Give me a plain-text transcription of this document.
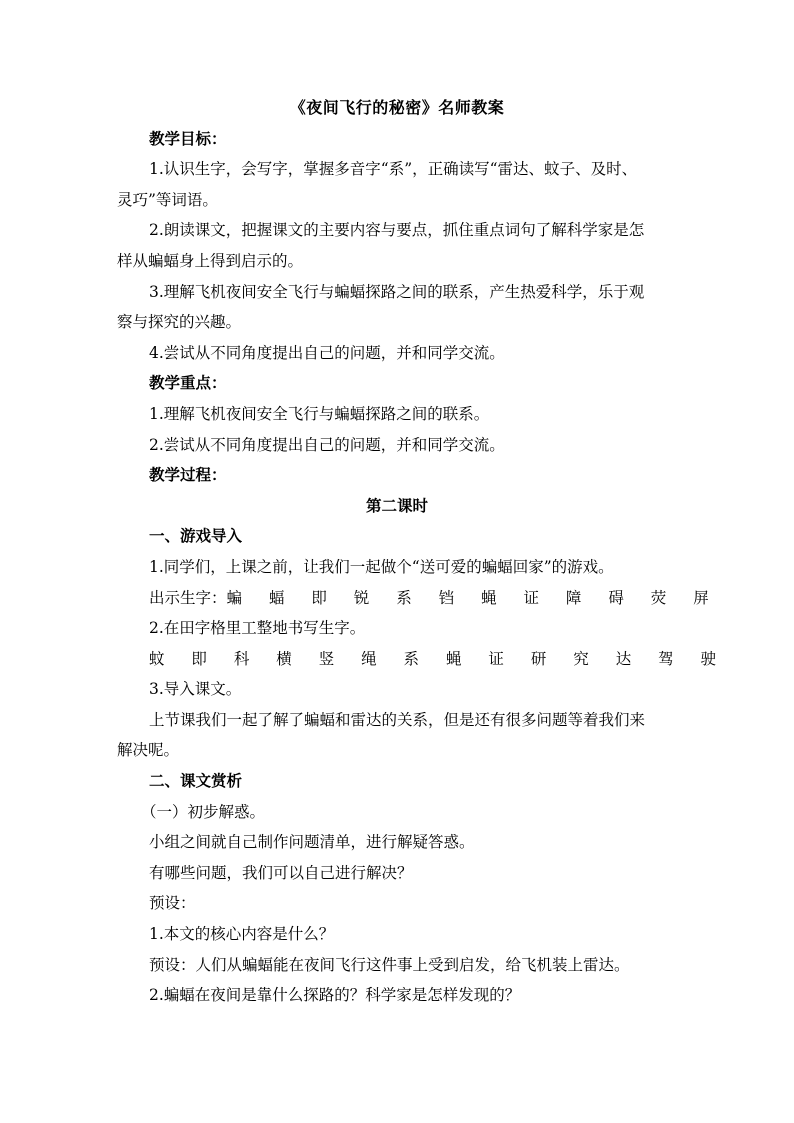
《夜间飞行的秘密》名师教案
教学目标：
1.认识生字，会写字，掌握多音字“系”，正确读写“雷达、蚊子、及时、
灵巧”等词语。
2.朗读课文，把握课文的主要内容与要点，抓住重点词句了解科学家是怎
样从蝙蝠身上得到启示的。
3.理解飞机夜间安全飞行与蝙蝠探路之间的联系，产生热爱科学，乐于观
察与探究的兴趣。
4.尝试从不同角度提出自己的问题，并和同学交流。
教学重点：
1.理解飞机夜间安全飞行与蝙蝠探路之间的联系。
2.尝试从不同角度提出自己的问题，并和同学交流。
教学过程：
第二课时
一、游戏导入
1.同学们，上课之前，让我们一起做个“送可爱的蝙蝠回家”的游戏。
出示生字：蝙 蝠 即 锐 系 铛 蝇 证 障 碍 荧 屏
2.在田字格里工整地书写生字。
蚊 即 科 横 竖 绳 系 蝇 证 研 究 达 驾 驶
3.导入课文。
上节课我们一起了解了蝙蝠和雷达的关系，但是还有很多问题等着我们来
解决呢。
二、课文赏析
（一）初步解惑。
小组之间就自己制作问题清单，进行解疑答惑。
有哪些问题，我们可以自己进行解决？
预设：
1.本文的核心内容是什么？
预设：人们从蝙蝠能在夜间飞行这件事上受到启发，给飞机装上雷达。
2.蝙蝠在夜间是靠什么探路的？科学家是怎样发现的？
